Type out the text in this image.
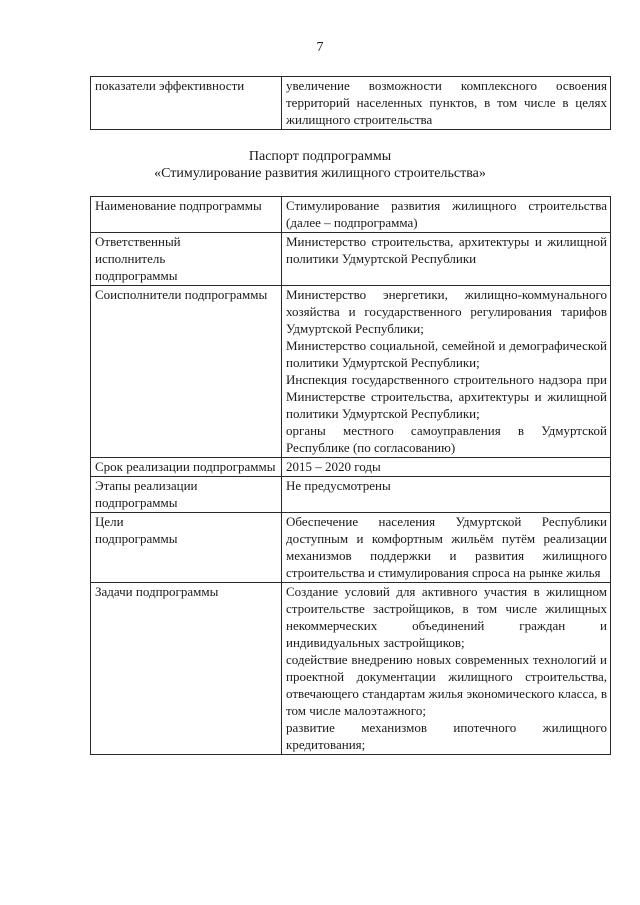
7
показатели эффективности	увеличение возможности комплексного освоения территорий населенных пунктов, в том числе в целях жилищного строительства
Паспорт подпрограммы
«Стимулирование развития жилищного строительства»
Наименование подпрограммы	Стимулирование развития жилищного строительства (далее – подпрограмма)

Ответственный исполнитель подпрограммы	Министерство строительства, архитектуры и жилищной политики Удмуртской Республики

Соисполнители подпрограммы	Министерство энергетики, жилищно-коммунального хозяйства и государственного регулирования тарифов Удмуртской Республики;
Министерство социальной, семейной и демографической политики Удмуртской Республики;
Инспекция государственного строительного надзора при Министерстве строительства, архитектуры и жилищной политики Удмуртской Республики;
органы местного самоуправления в Удмуртской Республике (по согласованию)

Срок реализации подпрограммы	2015 – 2020 годы

Этапы реализации подпрограммы	Не предусмотрены

Цели подпрограммы	Обеспечение населения Удмуртской Республики доступным и комфортным жильём путём реализации механизмов поддержки и развития жилищного строительства и стимулирования спроса на рынке жилья

Задачи подпрограммы	Создание условий для активного участия в жилищном строительстве застройщиков, в том числе жилищных некоммерческих объединений граждан и индивидуальных застройщиков;
содействие внедрению новых современных технологий и проектной документации жилищного строительства, отвечающего стандартам жилья экономического класса, в том числе малоэтажного;
развитие механизмов ипотечного жилищного кредитования;
